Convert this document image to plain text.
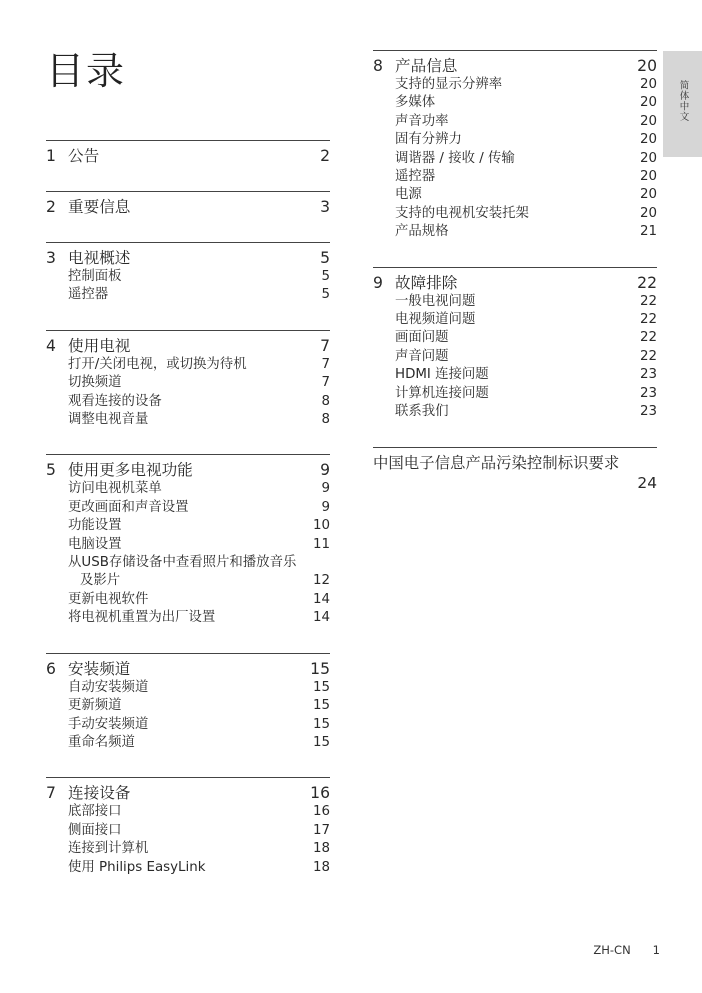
目录
1 公告	2
2 重要信息	3
3 电视概述	5
控制面板	5
遥控器	5
4 使用电视	7
打开/关闭电视，或切换为待机	7
切换频道	7
观看连接的设备	8
调整电视音量	8
5 使用更多电视功能	9
访问电视机菜单	9
更改画面和声音设置	9
功能设置	10
电脑设置	11
从USB存储设备中查看照片和播放音乐
及影片	12
更新电视软件	14
将电视机重置为出厂设置	14
6 安装频道	15
自动安装频道	15
更新频道	15
手动安装频道	15
重命名频道	15
7 连接设备	16
底部接口	16
侧面接口	17
连接到计算机	18
使用 Philips EasyLink	18
8 产品信息	20
支持的显示分辨率	20
多媒体	20
声音功率	20
固有分辨力	20
调谐器 / 接收 / 传输	20
遥控器	20
电源	20
支持的电视机安装托架	20
产品规格	21
9 故障排除	22
一般电视问题	22
电视频道问题	22
画面问题	22
声音问题	22
HDMI 连接问题	23
计算机连接问题	23
联系我们	23
中国电子信息产品污染控制标识要求
24
简体中文
ZH-CN 1
